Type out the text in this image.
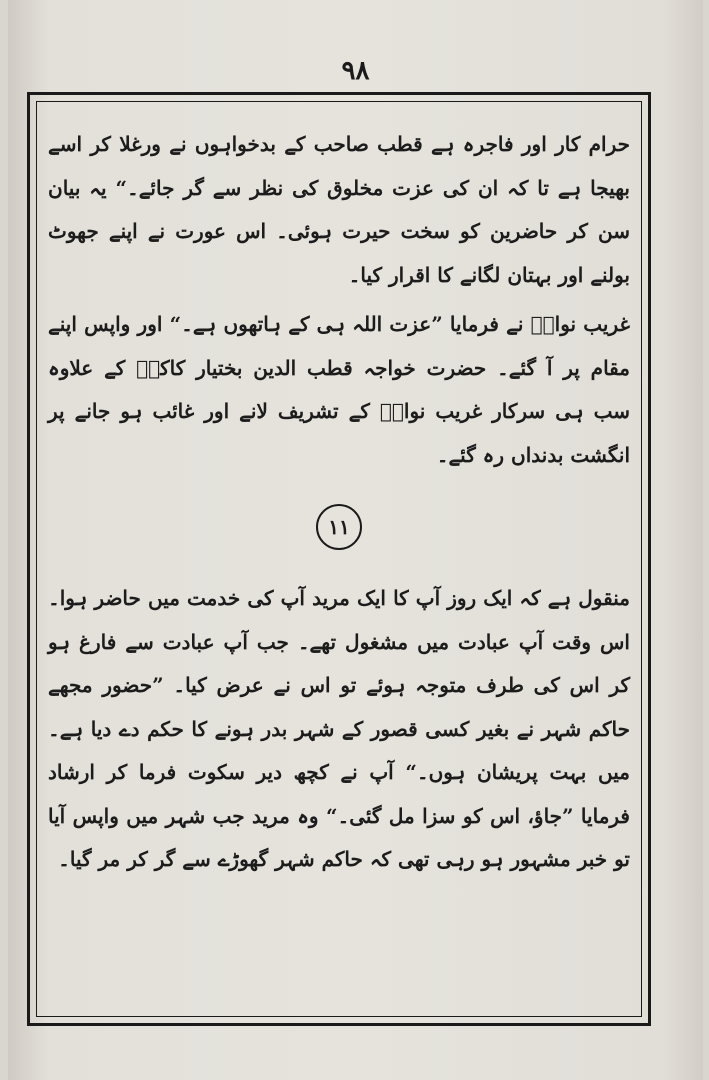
۹۸

حرام کار اور فاجرہ ہے قطب صاحب کے بدخواہوں نے ورغلا کر اسے بھیجا ہے تا کہ ان کی عزت مخلوق کی نظر سے گر جائے۔“ یہ بیان سن کر حاضرین کو سخت حیرت ہوئی۔ اس عورت نے اپنے جھوٹ بولنے اور بہتان لگانے کا اقرار کیا۔

غریب نوازؒ نے فرمایا ”عزت اللہ ہی کے ہاتھوں ہے۔“ اور واپس اپنے مقام پر آ گئے۔ حضرت خواجہ قطب الدین بختیار کاکیؒ کے علاوہ سب ہی سرکار غریب نوازؒ کے تشریف لانے اور غائب ہو جانے پر انگشت بدنداں رہ گئے۔

۱۱

منقول ہے کہ ایک روز آپ کا ایک مرید آپ کی خدمت میں حاضر ہوا۔ اس وقت آپ عبادت میں مشغول تھے۔ جب آپ عبادت سے فارغ ہو کر اس کی طرف متوجہ ہوئے تو اس نے عرض کیا۔ ”حضور مجھے حاکم شہر نے بغیر کسی قصور کے شہر بدر ہونے کا حکم دے دیا ہے۔ میں بہت پریشان ہوں۔“ آپ نے کچھ دیر سکوت فرما کر ارشاد فرمایا ”جاؤ، اس کو سزا مل گئی۔“ وہ مرید جب شہر میں واپس آیا تو خبر مشہور ہو رہی تھی کہ حاکم شہر گھوڑے سے گر کر مر گیا۔
